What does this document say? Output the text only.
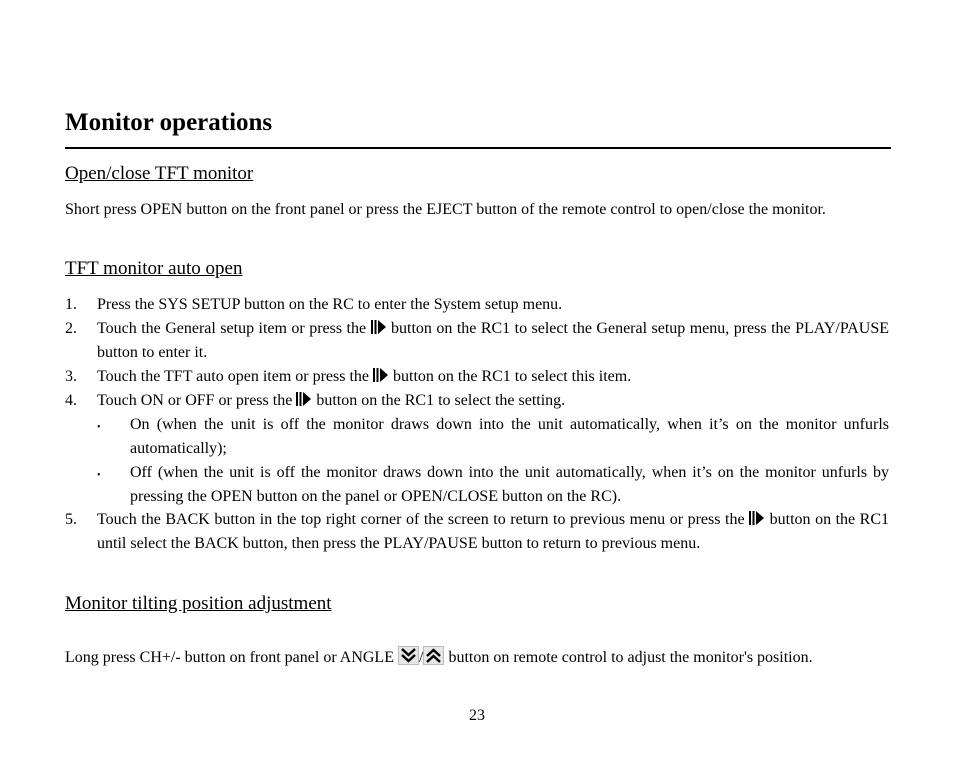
Monitor operations
Open/close TFT monitor

Short press OPEN button on the front panel or press the EJECT button of the remote control to open/close the monitor.

TFT monitor auto open
1. Press the SYS SETUP button on the RC to enter the System setup menu.
2. Touch the General setup item or press the button on the RC1 to select the General setup menu, press the PLAY/PAUSE button to enter it.
3. Touch the TFT auto open item or press the button on the RC1 to select this item.
4. Touch ON or OFF or press the button on the RC1 to select the setting.
• On (when the unit is off the monitor draws down into the unit automatically, when it’s on the monitor unfurls automatically);
• Off (when the unit is off the monitor draws down into the unit automatically, when it’s on the monitor unfurls by pressing the OPEN button on the panel or OPEN/CLOSE button on the RC).
5. Touch the BACK button in the top right corner of the screen to return to previous menu or press the button on the RC1 until select the BACK button, then press the PLAY/PAUSE button to return to previous menu.
Monitor tilting position adjustment

Long press CH+/- button on front panel or ANGLE / button on remote control to adjust the monitor's position.

23
